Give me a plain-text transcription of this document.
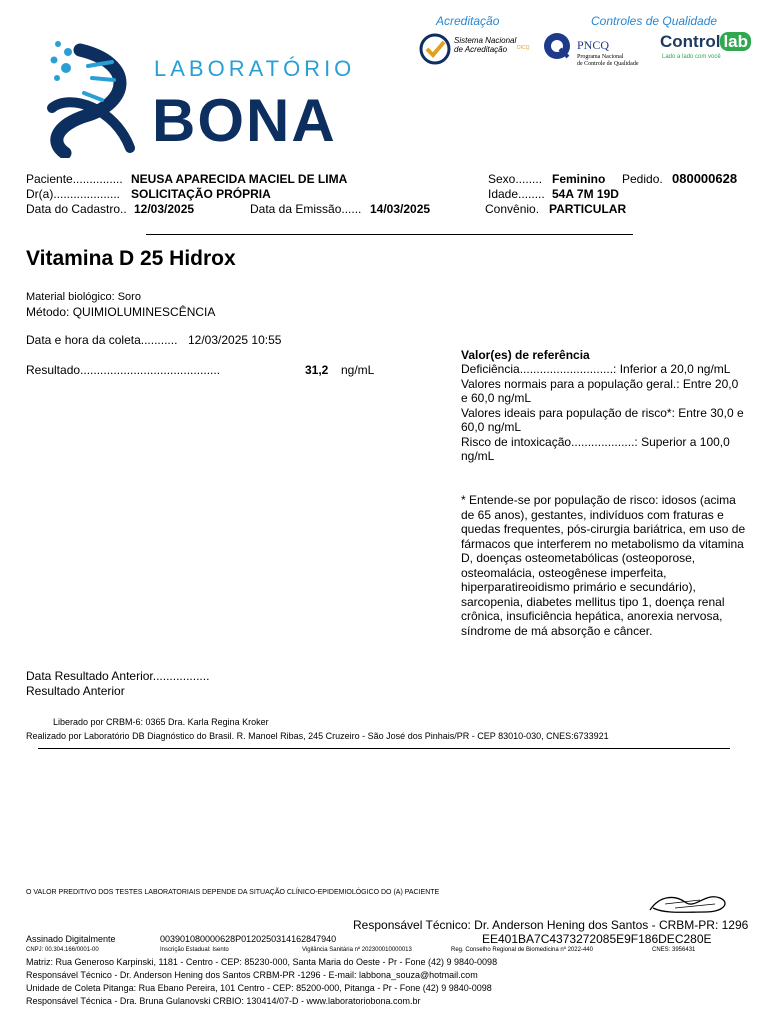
LABORATÓRIO
BONA
Acreditação	Controles de Qualidade
Sistema Nacional
de Acreditação DICQ	PNCQ
Programa Nacional
de Controle de Qualidade
Control lab
Lado a lado com você
Paciente............... NEUSA APARECIDA MACIEL DE LIMA
Dr(a).................... SOLICITAÇÃO PRÓPRIA
Data do Cadastro.. 12/03/2025	Data da Emissão...... 14/03/2025
Sexo........ Feminino Pedido. 080000628
Idade........ 54A 7M 19D
Convênio. PARTICULAR
Vitamina D 25 Hidrox
Material biológico: Soro
Método: QUIMIOLUMINESCÊNCIA
Data e hora da coleta........... 12/03/2025 10:55
Resultado..........................................	31,2 ng/mL
Valor(es) de referência
Deficiência............................: Inferior a 20,0 ng/mL
Valores normais para a população geral.: Entre 20,0 e 60,0 ng/mL
Valores ideais para população de risco*: Entre 30,0 e 60,0 ng/mL
Risco de intoxicação...................: Superior a 100,0 ng/mL
* Entende-se por população de risco: idosos (acima de 65 anos), gestantes, indivíduos com fraturas e quedas frequentes, pós-cirurgia bariátrica, em uso de fármacos que interferem no metabolismo da vitamina D, doenças osteometabólicas (osteoporose, osteomalácia, osteogênese imperfeita, hiperparatireoidismo primário e secundário), sarcopenia, diabetes mellitus tipo 1, doença renal crônica, insuficiência hepática, anorexia nervosa, síndrome de má absorção e câncer.
Data Resultado Anterior.................
Resultado Anterior
Liberado por CRBM-6: 0365 Dra. Karla Regina Kroker
Realizado por Laboratório DB Diagnóstico do Brasil. R. Manoel Ribas, 245 Cruzeiro - São José dos Pinhais/PR - CEP 83010-030, CNES:6733921
O VALOR PREDITIVO DOS TESTES LABORATORIAIS DEPENDE DA SITUAÇÃO CLÍNICO-EPIDEMIOLÓGICO DO (A) PACIENTE
Responsável Técnico: Dr. Anderson Hening dos Santos - CRBM-PR: 1296
Assinado Digitalmente	003901080000628P0120250314162847940	EE401BA7C4373272085E9F186DEC280E
CNPJ: 00.304.166/0001-00	Inscrição Estadual: Isento	Vigilância Sanitária nº 202300010000013	Reg. Conselho Regional de Biomedicina nº 2022-440	CNES: 3956431
Matriz: Rua Generoso Karpinski, 1181 - Centro - CEP: 85230-000, Santa Maria do Oeste - Pr - Fone (42) 9 9840-0098
Responsável Técnico - Dr. Anderson Hening dos Santos CRBM-PR -1296 - E-mail: labbona_souza@hotmail.com
Unidade de Coleta Pitanga: Rua Ebano Pereira, 101 Centro - CEP: 85200-000, Pitanga - Pr - Fone (42) 9 9840-0098
Responsável Técnica - Dra. Bruna Gulanovski CRBIO: 130414/07-D - www.laboratoriobona.com.br
